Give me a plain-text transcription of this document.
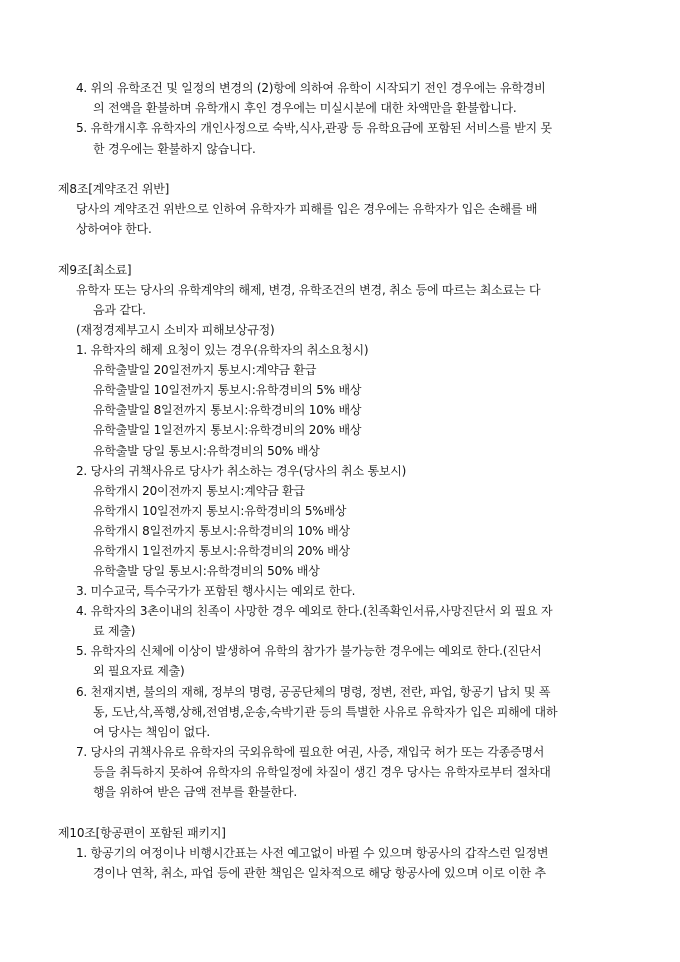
4. 위의 유학조건 및 일정의 변경의 (2)항에 의하여 유학이 시작되기 전인 경우에는 유학경비
의 전액을 환불하며 유학개시 후인 경우에는 미실시분에 대한 차액만을 환불합니다.
5. 유학개시후 유학자의 개인사정으로 숙박,식사,관광 등 유학요금에 포함된 서비스를 받지 못
한 경우에는 환불하지 않습니다.
제8조[계약조건 위반]
당사의 계약조건 위반으로 인하여 유학자가 피해를 입은 경우에는 유학자가 입은 손해를 배
상하여야 한다.
제9조[최소료]
유학자 또는 당사의 유학계약의 해제, 변경, 유학조건의 변경, 취소 등에 따르는 최소료는 다
음과 같다.
(재정경제부고시 소비자 피해보상규정)
1. 유학자의 해제 요청이 있는 경우(유학자의 취소요청시)
유학출발일 20일전까지 통보시:계약금 환급
유학출발일 10일전까지 통보시:유학경비의 5% 배상
유학출발일 8일전까지 통보시:유학경비의 10% 배상
유학출발일 1일전까지 통보시:유학경비의 20% 배상
유학출발 당일 통보시:유학경비의 50% 배상
2. 당사의 귀책사유로 당사가 취소하는 경우(당사의 취소 통보시)
유학개시 20이전까지 통보시:계약금 환급
유학개시 10일전까지 통보시:유학경비의 5%배상
유학개시 8일전까지 통보시:유학경비의 10% 배상
유학개시 1일전까지 통보시:유학경비의 20% 배상
유학출발 당일 통보시:유학경비의 50% 배상
3. 미수교국, 특수국가가 포함된 행사시는 예외로 한다.
4. 유학자의 3촌이내의 친족이 사망한 경우 예외로 한다.(친족확인서류,사망진단서 외 필요 자
료 제출)
5. 유학자의 신체에 이상이 발생하여 유학의 참가가 불가능한 경우에는 예외로 한다.(진단서
외 필요자료 제출)
6. 천재지변, 불의의 재해, 정부의 명령, 공공단체의 명령, 정변, 전란, 파업, 항공기 납치 및 폭
동, 도난,삭,폭행,상해,전염병,운송,숙박기관 등의 특별한 사유로 유학자가 입은 피해에 대하
여 당사는 책임이 없다.
7. 당사의 귀책사유로 유학자의 국외유학에 필요한 여권, 사증, 재입국 허가 또는 각종증명서
등을 취득하지 못하여 유학자의 유학일정에 차질이 생긴 경우 당사는 유학자로부터 절차대
행을 위하여 받은 금액 전부를 환불한다.
제10조[항공편이 포함된 패키지]
1. 항공기의 여정이나 비행시간표는 사전 예고없이 바뀔 수 있으며 항공사의 갑작스런 일정변
경이나 연착, 취소, 파업 등에 관한 책임은 일차적으로 해당 항공사에 있으며 이로 이한 추
